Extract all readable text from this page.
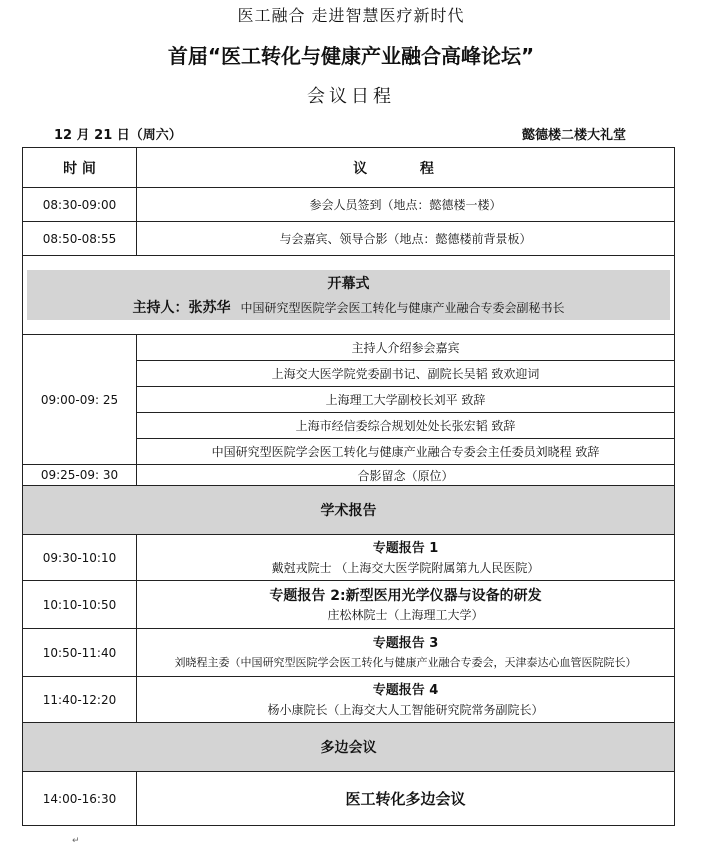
医工融合 走进智慧医疗新时代
首届“医工转化与健康产业融合高峰论坛”
会议日程
12 月 21 日（周六）	懿德楼二楼大礼堂
时 间	议 程
08:30-09:00	参会人员签到（地点：懿德楼一楼）
08:50-08:55	与会嘉宾、领导合影（地点：懿德楼前背景板）

开幕式
主持人：张苏华 中国研究型医院学会医工转化与健康产业融合专委会副秘书长	

09:00-09: 25	主持人介绍参会嘉宾
	上海交大医学院党委副书记、副院长吴韬 致欢迎词
	上海理工大学副校长刘平 致辞
	上海市经信委综合规划处处长张宏韬 致辞
	中国研究型医院学会医工转化与健康产业融合专委会主任委员刘晓程 致辞
09:25-09: 30	合影留念（原位）
学术报告	
09:30-10:10	专题报告 1
戴尅戎院士 （上海交大医学院附属第九人民医院）

10:10-10:50	专题报告 2:新型医用光学仪器与设备的研发
庄松林院士（上海理工大学）

10:50-11:40	专题报告 3
刘晓程主委（中国研究型医院学会医工转化与健康产业融合专委会，天津泰达心血管医院院长）

11:40-12:20	专题报告 4
杨小康院长（上海交大人工智能研究院常务副院长）

多边会议	
14:00-16:30	医工转化多边会议
↵
